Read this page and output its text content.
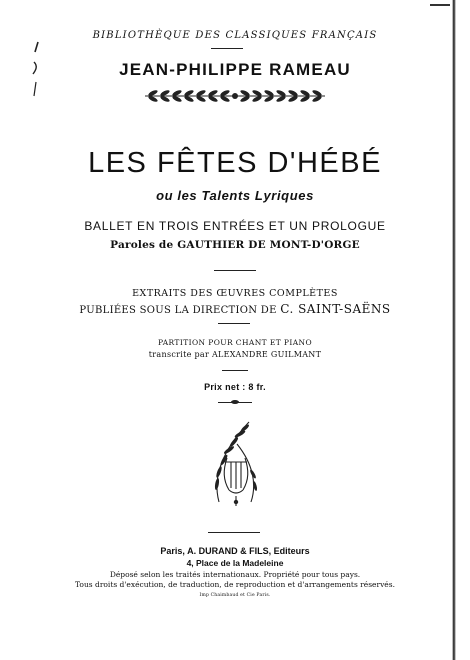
BIBLIOTHÈQUE DES CLASSIQUES FRANÇAIS
JEAN-PHILIPPE RAMEAU
LES FÊTES D'HÉBÉ
ou les Talents Lyriques
BALLET EN TROIS ENTRÉES ET UN PROLOGUE
Paroles de GAUTHIER DE MONT-D'ORGE
EXTRAITS DES ŒUVRES COMPLÈTES
PUBLIÉES SOUS LA DIRECTION DE C. SAINT-SAËNS
PARTITION POUR CHANT ET PIANO
transcrite par ALEXANDRE GUILMANT
Prix net : 8 fr.
Paris, A. DURAND & FILS, Editeurs
4, Place de la Madeleine
Déposé selon les traités internationaux. Propriété pour tous pays.
Tous droits d'exécution, de traduction, de reproduction et d'arrangements réservés.
Imp Chaimbaud et Cie Paris.
